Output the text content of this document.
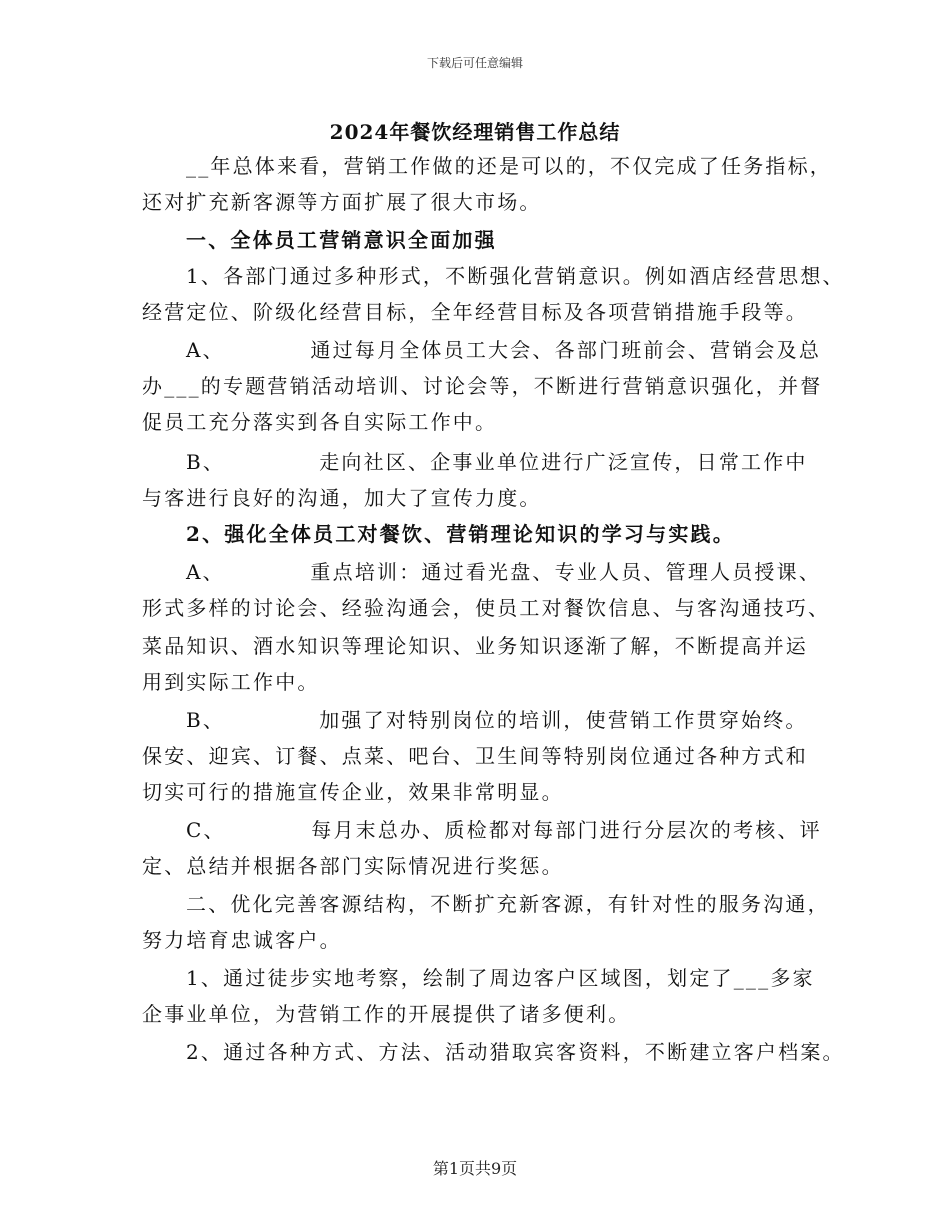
下载后可任意编辑
2024年餐饮经理销售工作总结
__年总体来看，营销工作做的还是可以的，不仅完成了任务指标，
还对扩充新客源等方面扩展了很大市场。
一、全体员工营销意识全面加强
1、各部门通过多种形式，不断强化营销意识。例如酒店经营思想、
经营定位、阶级化经营目标，全年经营目标及各项营销措施手段等。
A、          通过每月全体员工大会、各部门班前会、营销会及总
办___的专题营销活动培训、讨论会等，不断进行营销意识强化，并督
促员工充分落实到各自实际工作中。
B、           走向社区、企事业单位进行广泛宣传，日常工作中
与客进行良好的沟通，加大了宣传力度。
2、强化全体员工对餐饮、营销理论知识的学习与实践。
A、          重点培训：通过看光盘、专业人员、管理人员授课、
形式多样的讨论会、经验沟通会，使员工对餐饮信息、与客沟通技巧、
菜品知识、酒水知识等理论知识、业务知识逐渐了解，不断提高并运
用到实际工作中。
B、           加强了对特别岗位的培训，使营销工作贯穿始终。
保安、迎宾、订餐、点菜、吧台、卫生间等特别岗位通过各种方式和
切实可行的措施宣传企业，效果非常明显。
C、          每月末总办、质检都对每部门进行分层次的考核、评
定、总结并根据各部门实际情况进行奖惩。
二、优化完善客源结构，不断扩充新客源，有针对性的服务沟通，
努力培育忠诚客户。
1、通过徒步实地考察，绘制了周边客户区域图，划定了___多家
企事业单位，为营销工作的开展提供了诸多便利。
2、通过各种方式、方法、活动猎取宾客资料，不断建立客户档案。
第1页共9页
